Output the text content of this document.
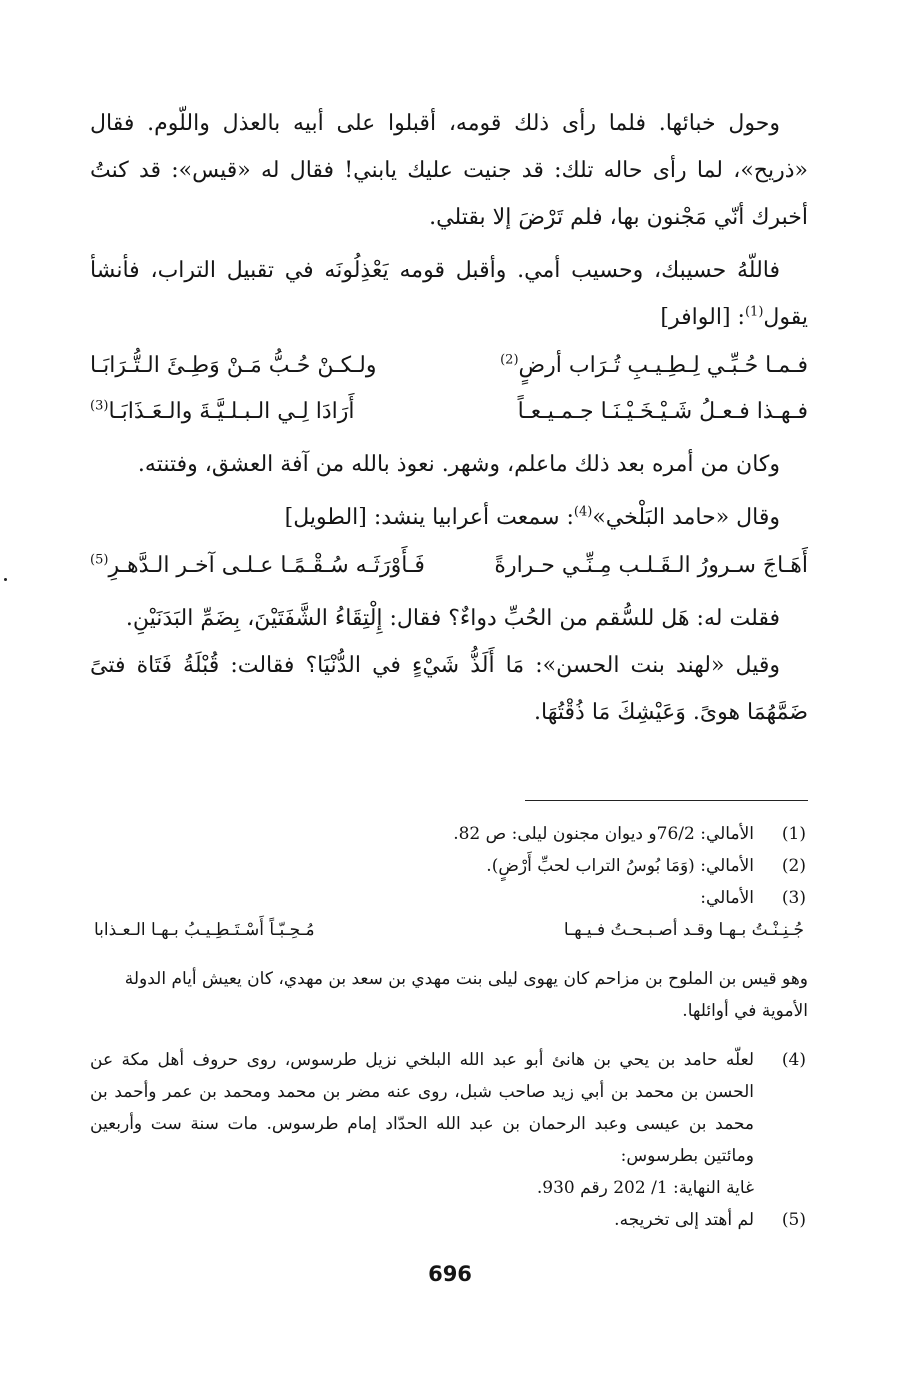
وحول خبائها. فلما رأى ذلك قومه، أقبلوا على أبيه بالعذل واللّوم. فقال «ذريح»، لما رأى حاله تلك: قد جنيت عليك يابني! فقال له «قيس»: قد كنتُ أخبرك أنّي مَجْنون بها، فلم تَرْضَ إلا بقتلي.

فاللّهُ حسيبك، وحسيب أمي. وأقبل قومه يَعْذِلُونَه في تقبيل التراب، فأنشأ يقول$^{(1)}$: [الوافر]

فـمـا حُـبِّـي لِـطِـيـبِ تُـرَاب أرضٍ$^{(2)}$
ولـكـنْ حُـبُّ مَـنْ وَطِـئَ الـتُّـرَابَـا
فـهـذا فـعـلُ شَـيْـخَـيْـنَـا جـمـيـعـاً
أَرَادَا لِـي الـبـلـيَّـةَ والـعَـذَابَـا$^{(3)}$

وكان من أمره بعد ذلك ماعلم، وشهر. نعوذ بالله من آفة العشق، وفتنته.

وقال «حامد البَلْخي»$^{(4)}$: سمعت أعرابيا ينشد: [الطويل]

أَهَـاجَ سـرورُ الـقَـلـب مِـنِّـي حـرارةً
فَـأَوْرَثَـه سُـقْـمًـا عـلـى آخـر الـدَّهـرِ$^{(5)}$

فقلت له: هَل للسُّقم من الحُبِّ دواءٌ؟ فقال: إِلْتِقَاءُ الشَّفَتَيْنَ، بِضَمِّ البَدَنَيْنِ.

وقيل «لهند بنت الحسن»: مَا أَلَذُّ شَيْءٍ في الدُّنْيَا؟ فقالت: قُبْلَةُ فَتَاة فتىً ضَمَّهُمَا هوىً. وَعَيْشِكَ مَا ذُقْتُهَا.

(1)

الأمالي: 76/2و ديوان مجنون ليلى: ص 82.

(2)

الأمالي: (وَمَا بُوسُ التراب لحبِّ أَرْضٍ).

(3)

الأمالي:

جُـنِـنْـتُ بـهـا وقـد أصـبـحـتُ فـيـهـا
مُـحِـبّـاً أَسْـتَـطِـيـبُ بـهـا الـعـذابا

وهو قيس بن الملوح بن مزاحم كان يهوى ليلى بنت مهدي بن سعد بن مهدي، كان يعيش أيام الدولة الأموية في أوائلها.

(4)

لعلّه حامد بن يحي بن هانئ أبو عبد الله البلخي نزيل طرسوس، روى حروف أهل مكة عن الحسن بن محمد بن أبي زيد صاحب شبل، روى عنه مضر بن محمد ومحمد بن عمر وأحمد بن محمد بن عيسى وعبد الرحمان بن عبد الله الحدّاد إمام طرسوس. مات سنة ست وأربعين ومائتين بطرسوس:

غاية النهاية: 1/ 202 رقم 930.

(5)

لم أهتد إلى تخريجه.

696
